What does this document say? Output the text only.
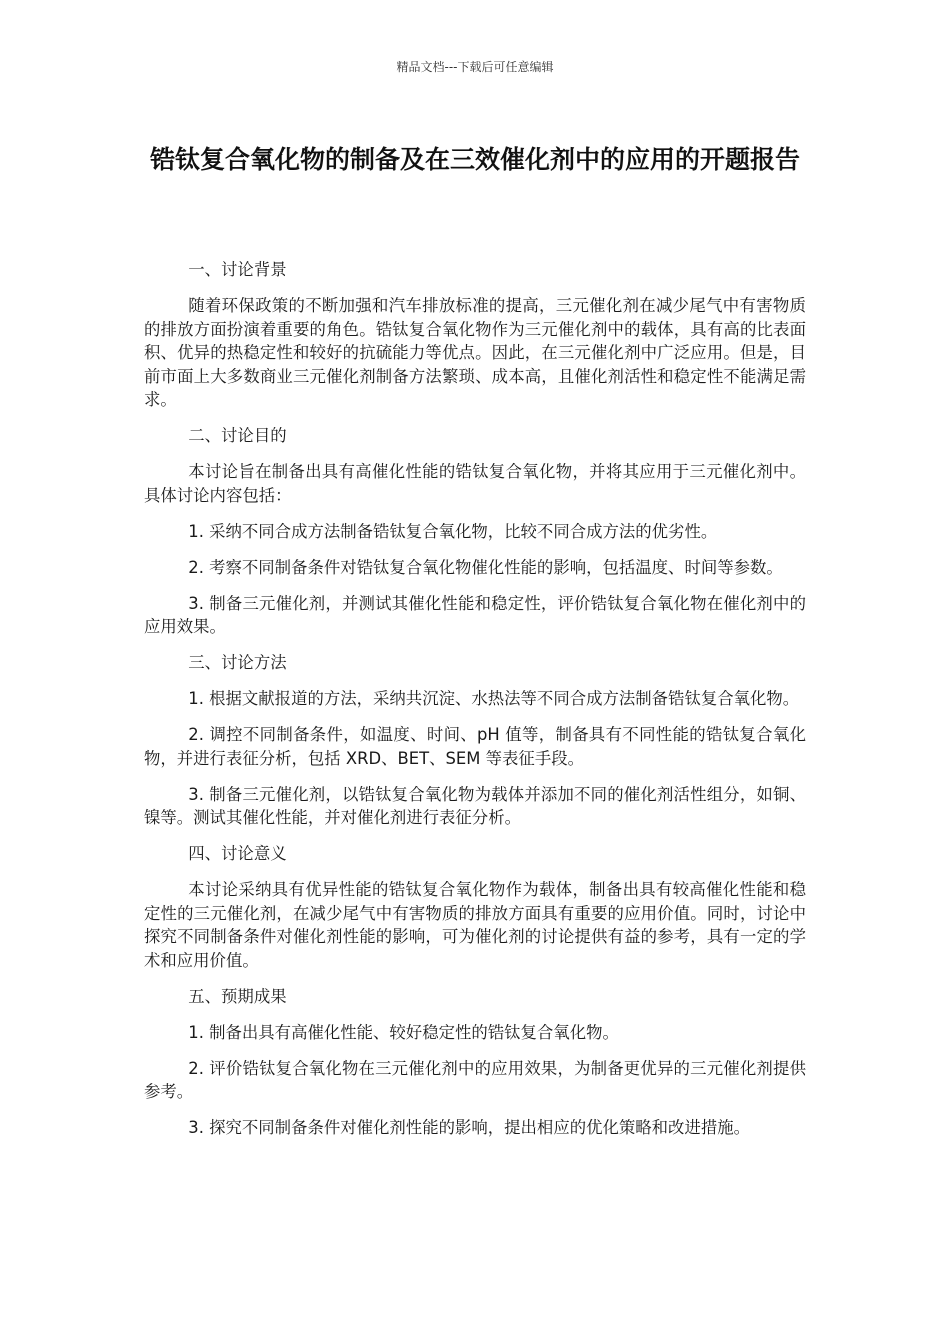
精品文档---下载后可任意编辑
锆钛复合氧化物的制备及在三效催化剂中的应用的开题报告
一、讨论背景

随着环保政策的不断加强和汽车排放标准的提高，三元催化剂在减少尾气中有害物质的排放方面扮演着重要的角色。锆钛复合氧化物作为三元催化剂中的载体，具有高的比表面积、优异的热稳定性和较好的抗硫能力等优点。因此，在三元催化剂中广泛应用。但是，目前市面上大多数商业三元催化剂制备方法繁琐、成本高，且催化剂活性和稳定性不能满足需求。

二、讨论目的

本讨论旨在制备出具有高催化性能的锆钛复合氧化物，并将其应用于三元催化剂中。具体讨论内容包括：

1. 采纳不同合成方法制备锆钛复合氧化物，比较不同合成方法的优劣性。

2. 考察不同制备条件对锆钛复合氧化物催化性能的影响，包括温度、时间等参数。

3. 制备三元催化剂，并测试其催化性能和稳定性，评价锆钛复合氧化物在催化剂中的应用效果。

三、讨论方法

1. 根据文献报道的方法，采纳共沉淀、水热法等不同合成方法制备锆钛复合氧化物。

2. 调控不同制备条件，如温度、时间、pH 值等，制备具有不同性能的锆钛复合氧化物，并进行表征分析，包括 XRD、BET、SEM 等表征手段。

3. 制备三元催化剂，以锆钛复合氧化物为载体并添加不同的催化剂活性组分，如铜、镍等。测试其催化性能，并对催化剂进行表征分析。

四、讨论意义

本讨论采纳具有优异性能的锆钛复合氧化物作为载体，制备出具有较高催化性能和稳定性的三元催化剂，在减少尾气中有害物质的排放方面具有重要的应用价值。同时，讨论中探究不同制备条件对催化剂性能的影响，可为催化剂的讨论提供有益的参考，具有一定的学术和应用价值。

五、预期成果

1. 制备出具有高催化性能、较好稳定性的锆钛复合氧化物。

2. 评价锆钛复合氧化物在三元催化剂中的应用效果，为制备更优异的三元催化剂提供参考。

3. 探究不同制备条件对催化剂性能的影响，提出相应的优化策略和改进措施。
